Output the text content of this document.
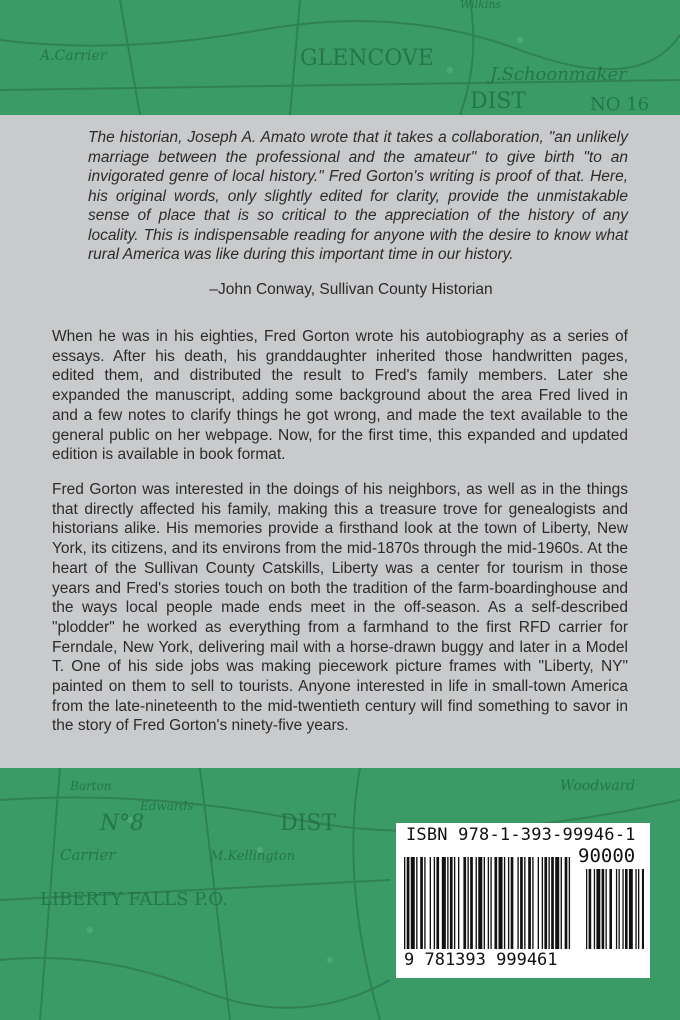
GLENCOVE
J.Schoonmaker
DIST	NO 16
Wilkins
A.Carrier
LIBERTY FALLS P.O.
N°8	DIST
Woodward
M.Kellington
Carrier
Barton
Edwards

The historian, Joseph A. Amato wrote that it takes a collaboration, "an unlikely marriage between the professional and the amateur" to give birth "to an invigorated genre of local history." Fred Gorton's writing is proof of that. Here, his original words, only slightly edited for clarity, provide the unmistakable sense of place that is so critical to the appreciation of the history of any locality. This is indispensable reading for anyone with the desire to know what rural America was like during this important time in our history.

–John Conway, Sullivan County Historian

When he was in his eighties, Fred Gorton wrote his autobiography as a series of essays. After his death, his granddaughter inherited those handwritten pages, edited them, and distributed the result to Fred's family members. Later she expanded the manuscript, adding some background about the area Fred lived in and a few notes to clarify things he got wrong, and made the text available to the general public on her webpage. Now, for the first time, this expanded and updated edition is available in book format.

Fred Gorton was interested in the doings of his neighbors, as well as in the things that directly affected his family, making this a treasure trove for genealogists and historians alike. His memories provide a firsthand look at the town of Liberty, New York, its citizens, and its environs from the mid-1870s through the mid-1960s. At the heart of the Sullivan County Catskills, Liberty was a center for tourism in those years and Fred's stories touch on both the tradition of the farm-boardinghouse and the ways local people made ends meet in the off-season. As a self-described "plodder" he worked as everything from a farmhand to the first RFD carrier for Ferndale, New York, delivering mail with a horse-drawn buggy and later in a Model T. One of his side jobs was making piecework picture frames with "Liberty, NY" painted on them to sell to tourists. Anyone interested in life in small-town America from the late-nineteenth to the mid-twentieth century will find something to savor in the story of Fred Gorton's ninety-five years.

ISBN 978-1-393-99946-1
90000
9 781393 999461
